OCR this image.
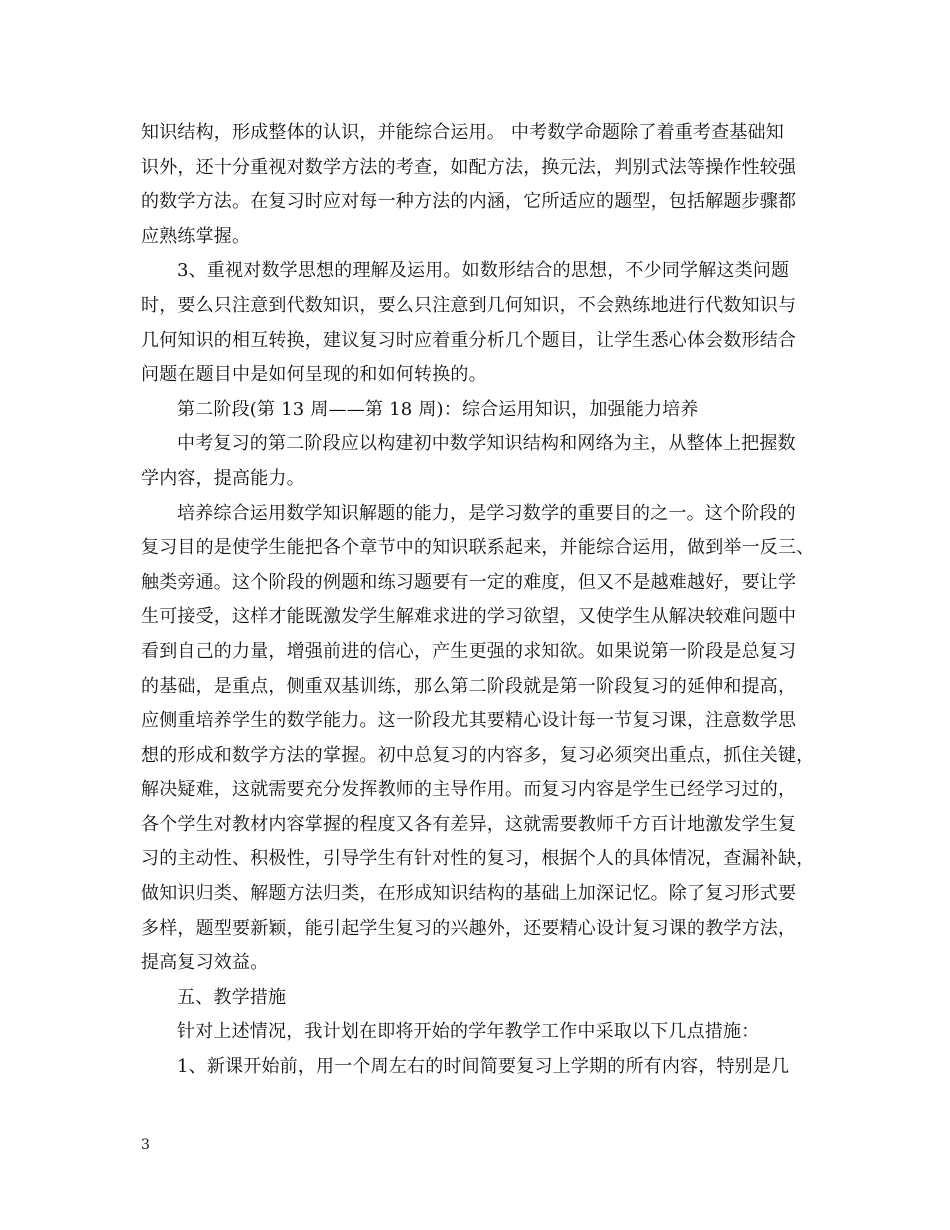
知识结构，形成整体的认识，并能综合运用。 中考数学命题除了着重考查基础知
识外，还十分重视对数学方法的考查，如配方法，换元法，判别式法等操作性较强
的数学方法。在复习时应对每一种方法的内涵，它所适应的题型，包括解题步骤都
应熟练掌握。
3、重视对数学思想的理解及运用。如数形结合的思想，不少同学解这类问题
时，要么只注意到代数知识，要么只注意到几何知识，不会熟练地进行代数知识与
几何知识的相互转换，建议复习时应着重分析几个题目，让学生悉心体会数形结合
问题在题目中是如何呈现的和如何转换的。
第二阶段(第 13 周——第 18 周)：综合运用知识，加强能力培养
中考复习的第二阶段应以构建初中数学知识结构和网络为主，从整体上把握数
学内容，提高能力。
培养综合运用数学知识解题的能力，是学习数学的重要目的之一。这个阶段的
复习目的是使学生能把各个章节中的知识联系起来，并能综合运用，做到举一反三、
触类旁通。这个阶段的例题和练习题要有一定的难度，但又不是越难越好，要让学
生可接受，这样才能既激发学生解难求进的学习欲望，又使学生从解决较难问题中
看到自己的力量，增强前进的信心，产生更强的求知欲。如果说第一阶段是总复习
的基础，是重点，侧重双基训练，那么第二阶段就是第一阶段复习的延伸和提高，
应侧重培养学生的数学能力。这一阶段尤其要精心设计每一节复习课，注意数学思
想的形成和数学方法的掌握。初中总复习的内容多，复习必须突出重点，抓住关键，
解决疑难，这就需要充分发挥教师的主导作用。而复习内容是学生已经学习过的，
各个学生对教材内容掌握的程度又各有差异，这就需要教师千方百计地激发学生复
习的主动性、积极性，引导学生有针对性的复习，根据个人的具体情况，查漏补缺，
做知识归类、解题方法归类，在形成知识结构的基础上加深记忆。除了复习形式要
多样，题型要新颖，能引起学生复习的兴趣外，还要精心设计复习课的教学方法，
提高复习效益。
五、教学措施
针对上述情况，我计划在即将开始的学年教学工作中采取以下几点措施：
1、新课开始前，用一个周左右的时间简要复习上学期的所有内容，特别是几
3
